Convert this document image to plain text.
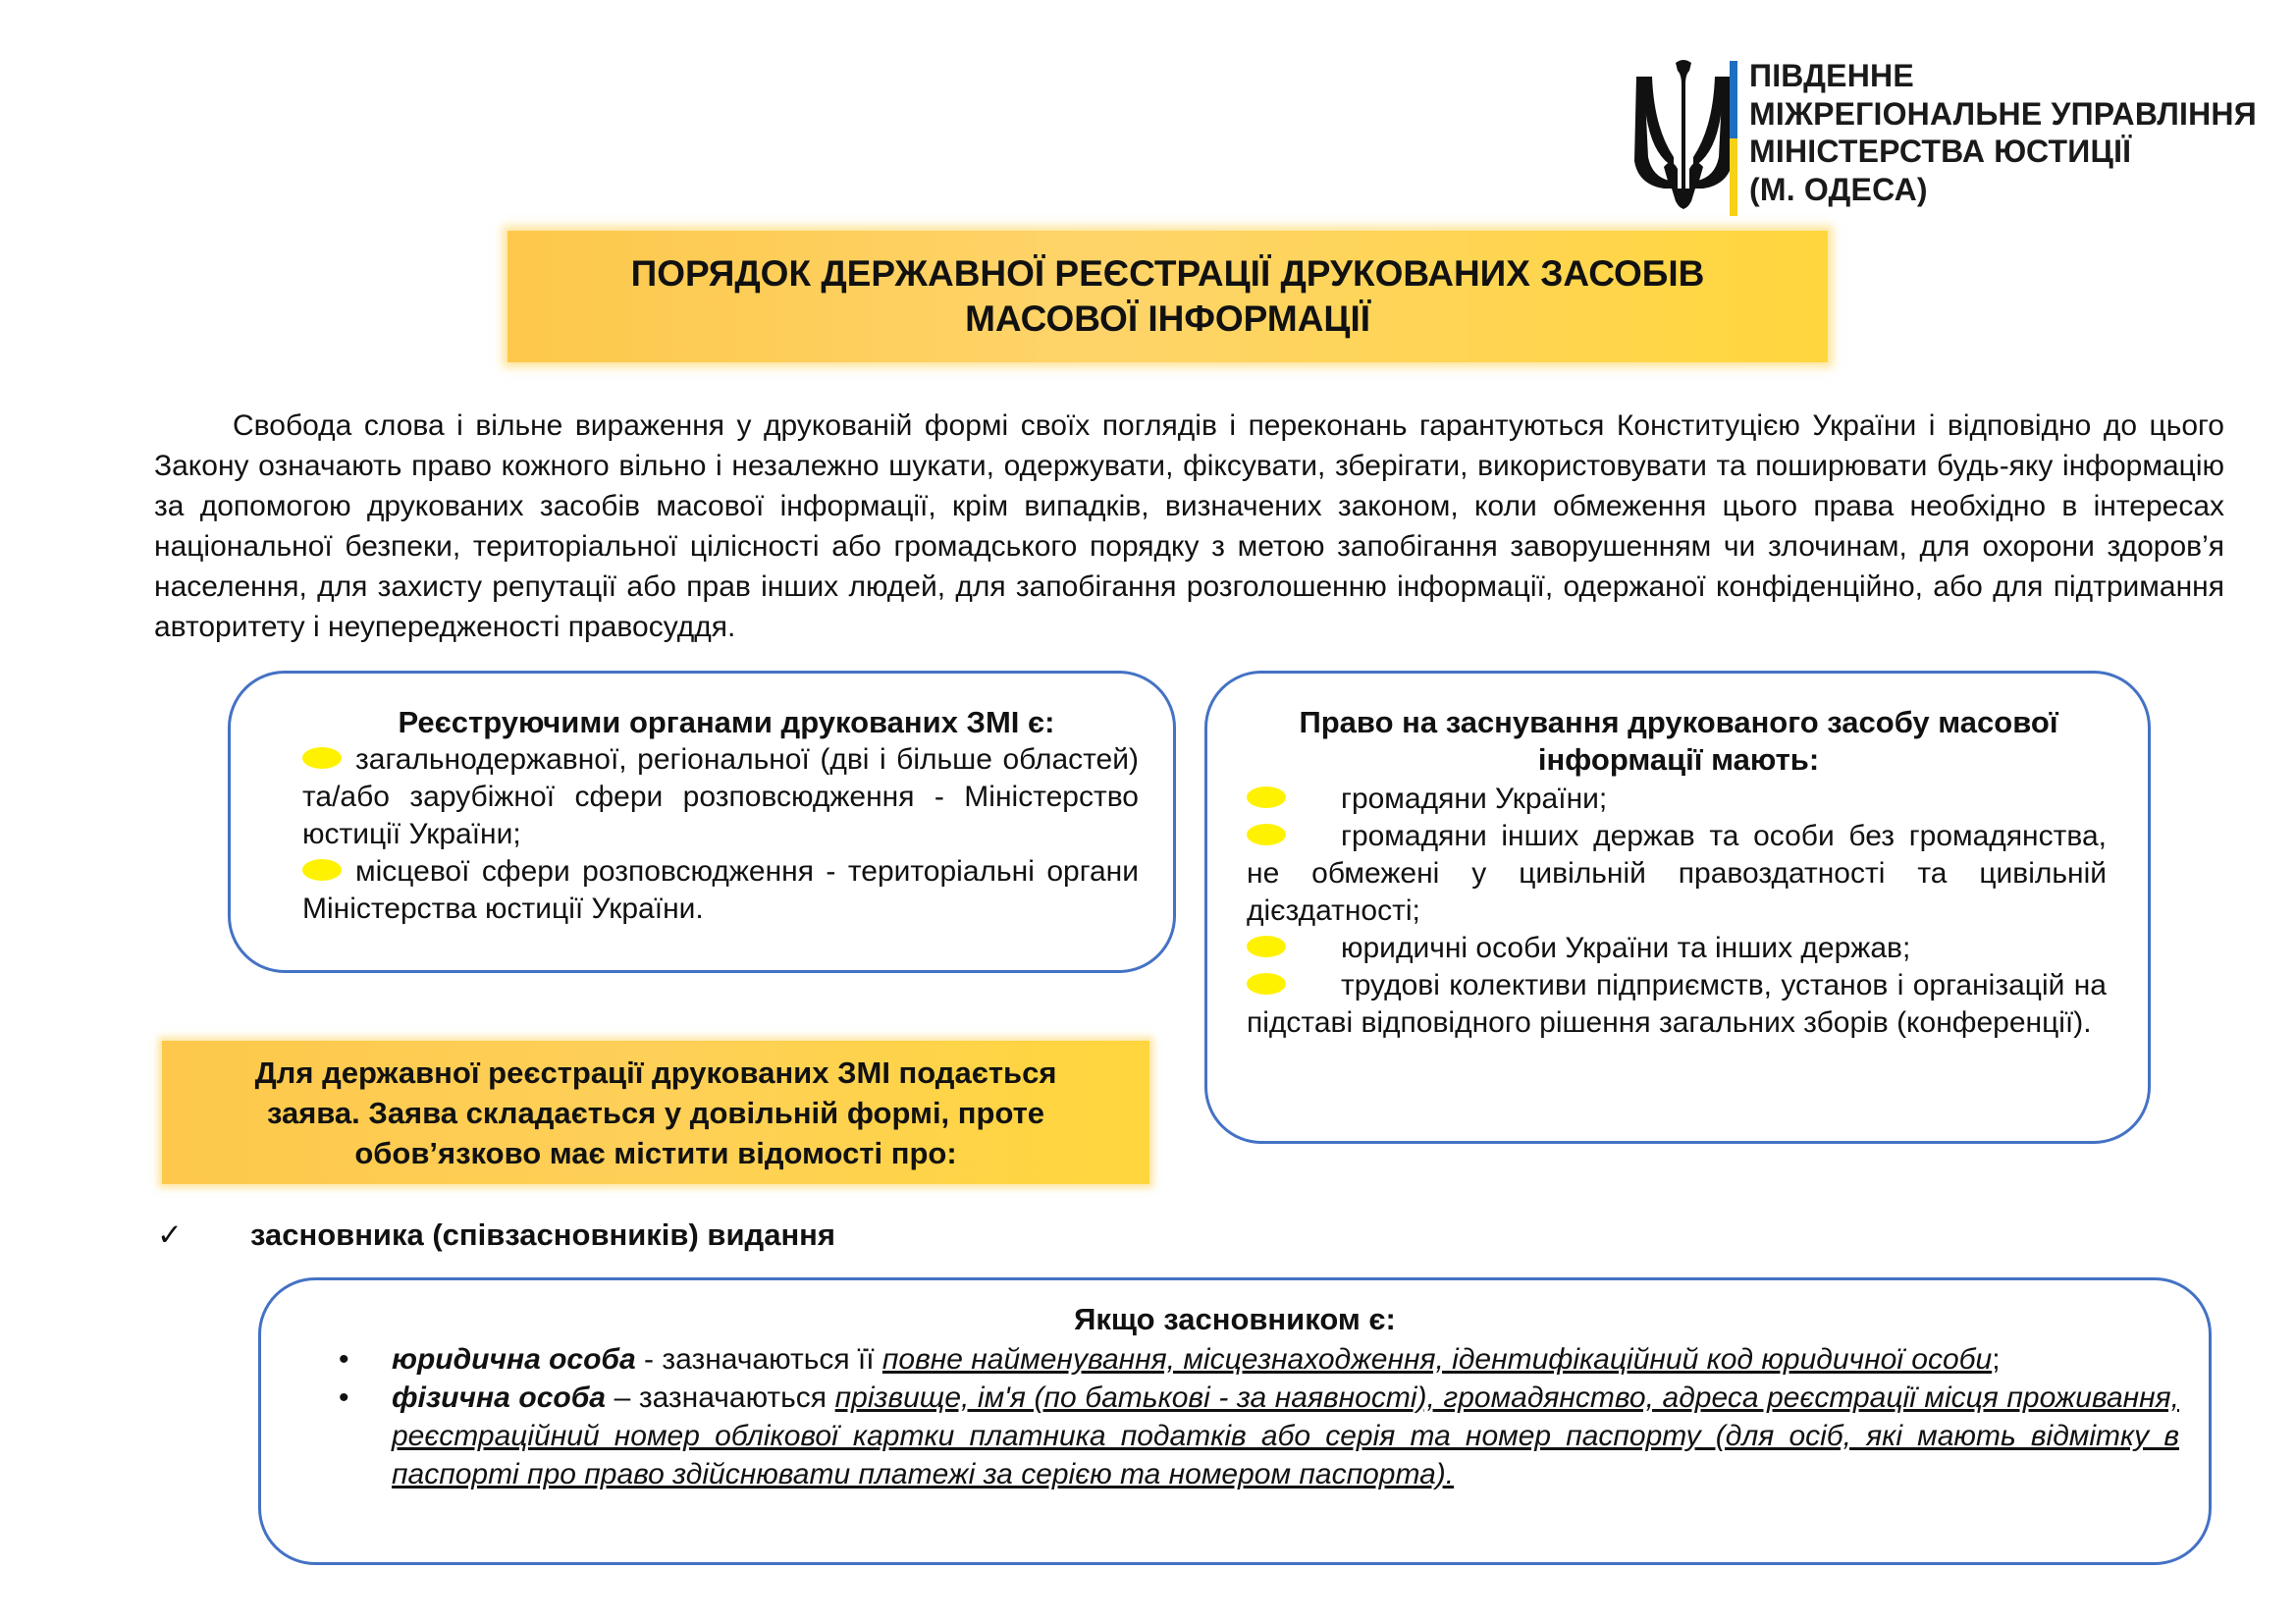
ПІВДЕННЕ
МІЖРЕГІОНАЛЬНЕ УПРАВЛІННЯ
МІНІСТЕРСТВА ЮСТИЦІЇ
(М. ОДЕСА)
ПОРЯДОК ДЕРЖАВНОЇ РЕЄСТРАЦІЇ ДРУКОВАНИХ ЗАСОБІВ
МАСОВОЇ ІНФОРМАЦІЇ

Свобода слова і вільне вираження у друкованій формі своїх поглядів і переконань гарантуються Конституцією України і відповідно до цього Закону означають право кожного вільно і незалежно шукати, одержувати, фіксувати, зберігати, використовувати та поширювати будь-яку інформацію за допомогою друкованих засобів масової інформації, крім випадків, визначених законом, коли обмеження цього права необхідно в інтересах національної безпеки, територіальної цілісності або громадського порядку з метою запобігання заворушенням чи злочинам, для охорони здоров’я населення, для захисту репутації або прав інших людей, для запобігання розголошенню інформації, одержаної конфіденційно, або для підтримання авторитету і неупередженості правосуддя.

Реєструючими органами друкованих ЗМІ є:
загальнодержавної, регіональної (дві і більше областей) та/або зарубіжної сфери розповсюдження - Міністерство юстиції України;
місцевої сфери розповсюдження - територіальні органи Міністерства юстиції України.
Право на заснування друкованого засобу масової інформації мають:
громадяни України;
громадяни інших держав та особи без громадянства, не обмежені у цивільній правоздатності та цивільній дієздатності;
юридичні особи України та інших держав;
трудові колективи підприємств, установ і організацій на підставі відповідного рішення загальних зборів (конференції).
Для державної реєстрації друкованих ЗМІ подається
заява. Заява складається у довільній формі, проте
обов’язково має містити відомості про:
✓ засновника (співзасновників) видання
Якщо засновником є:
• юридична особа - зазначаються її повне найменування, місцезнаходження, ідентифікаційний код юридичної особи;
• фізична особа – зазначаються прізвище, ім'я (по батькові - за наявності), громадянство, адреса реєстрації місця проживання, реєстраційний номер облікової картки платника податків або серія та номер паспорту (для осіб, які мають відмітку в паспорті про право здійснювати платежі за серією та номером паспорта).
